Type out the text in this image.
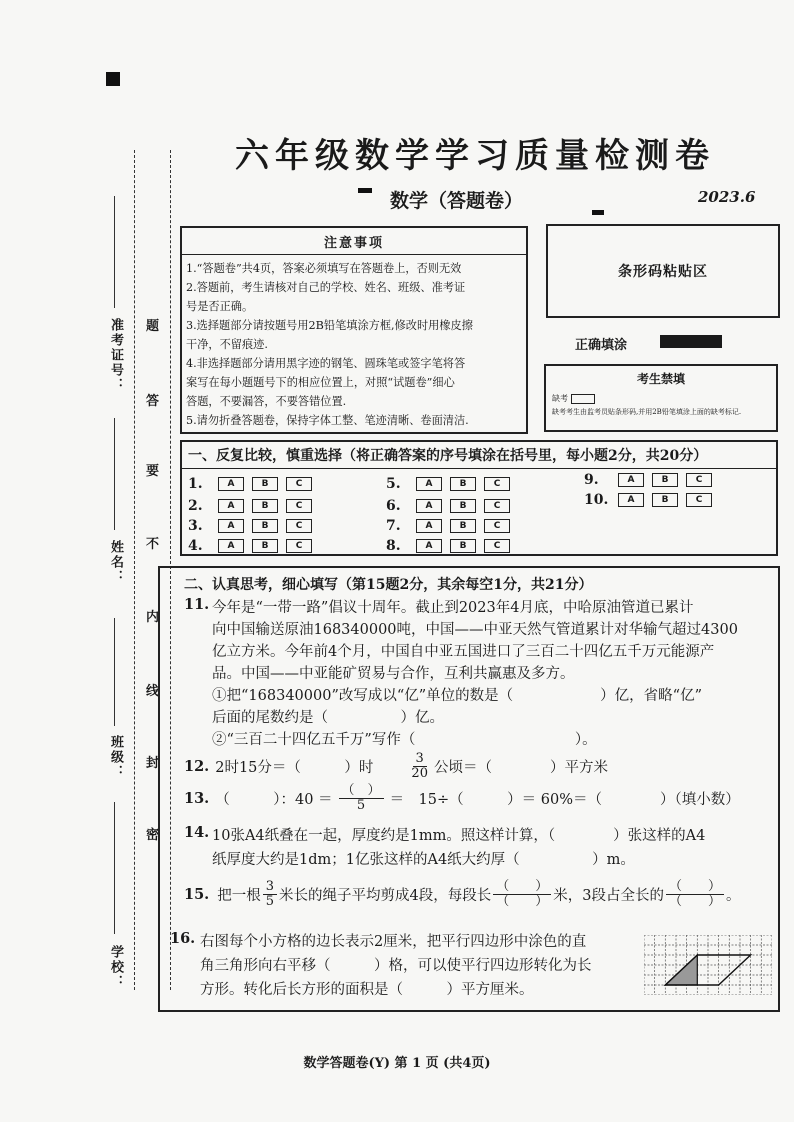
准考证号：
姓名：
班级：
学校：
题
答
要
不
内
线
封
密
六年级数学学习质量检测卷
数学（答题卷）	2023.6
注意事项
1.“答题卷”共4页，答案必须填写在答题卷上，否则无效
2.答题前，考生请核对自己的学校、姓名、班级、准考证
号是否正确。
3.选择题部分请按题号用2B铅笔填涂方框,修改时用橡皮擦
干净，不留痕迹.
4.非选择题部分请用黑字迹的钢笔、圆珠笔或签字笔将答
案写在每小题题号下的相应位置上，对照“试题卷”细心
答题，不要漏答，不要答错位置.
5.请勿折叠答题卷，保持字体工整、笔迹清晰、卷面清洁.
条形码粘贴区
正确填涂
考生禁填
缺考
缺考考生由监考员贴条形码,并用2B铅笔填涂上面的缺考标记.
一、反复比较，慎重选择（将正确答案的序号填涂在括号里，每小题2分，共20分）
1.	A	B	C
2.	A	B	C
3.	A	B	C
4.	A	B	C
5.	A	B	C
6.	A	B	C
7.	A	B	C
8.	A	B	C
9.	A	B	C
10.	A	B	C
二、认真思考，细心填写（第15题2分，其余每空1分，共21分）
11. 今年是“一带一路”倡议十周年。截止到2023年4月底，中哈原油管道已累计
向中国输送原油168340000吨，中国——中亚天然气管道累计对华输气超过4300
亿立方米。今年前4个月，中国自中亚五国进口了三百二十四亿五千万元能源产
品。中国——中亚能矿贸易与合作，互利共赢惠及多方。
①把“168340000”改写成以“亿”单位的数是（　　　　　　）亿，省略“亿”
后面的尾数约是（　　　　　）亿。
②“三百二十四亿五千万”写作（　　　　　　　　　　　）。
12. 2时15分＝（　　　）时	$\frac{3}{20}$ 公顷＝（　　　　）平方米
13. （　　　）：$40 = \frac{( )}{5}$ ＝　15÷（　　　）＝ 60%＝（　　　　）（填小数）
14. 10张A4纸叠在一起，厚度约是1mm。照这样计算，（　　　　）张这样的A4
纸厚度大约是1dm；1亿张这样的A4纸大约厚（　　　　　）m。
15. 把一根 $\frac{3}{5}$ 米长的绳子平均剪成4段，每段长 $\frac{( )}{( )}$ 米，3段占全长的 $\frac{( )}{( )}$ 。
16. 右图每个小方格的边长表示2厘米，把平行四边形中涂色的直
角三角形向右平移（　　　）格，可以使平行四边形转化为长
方形。转化后长方形的面积是（　　　）平方厘米。
数学答题卷(Y) 第 1 页 (共4页)
